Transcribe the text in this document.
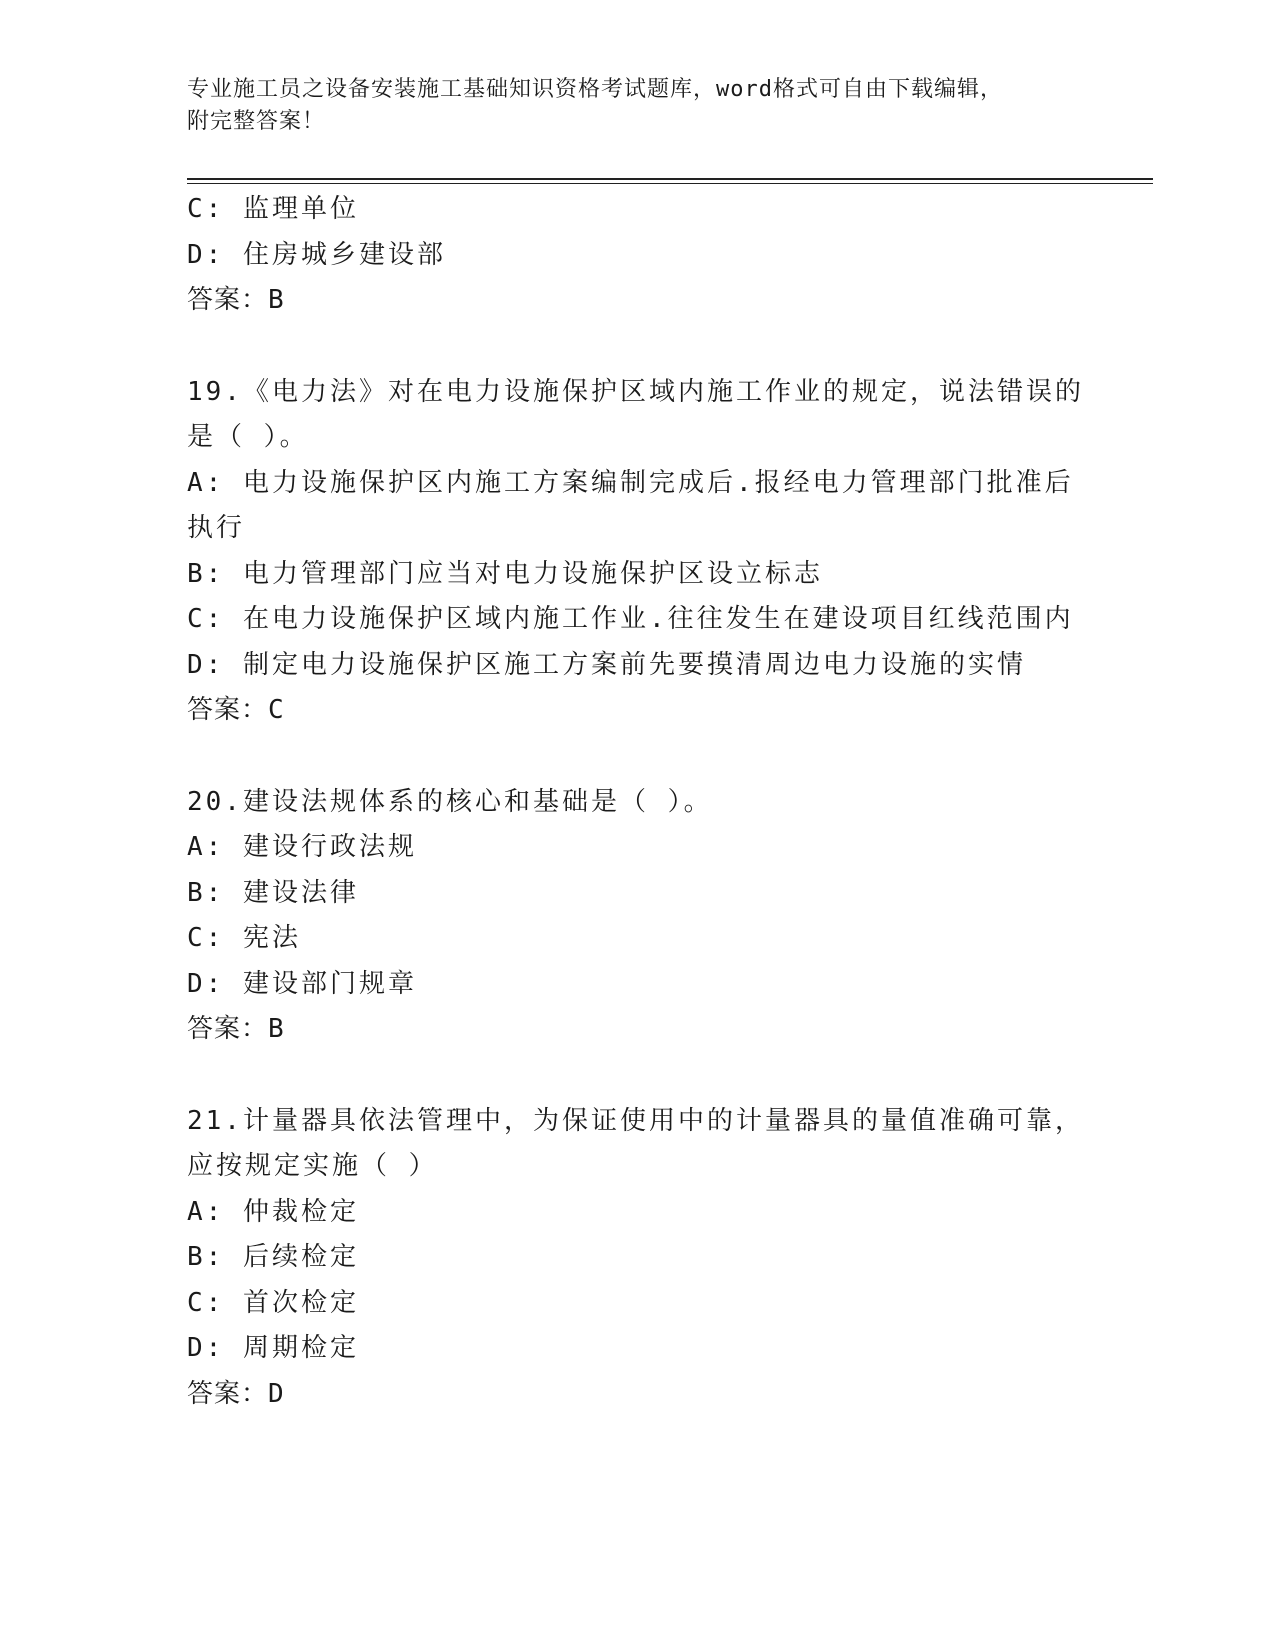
专业施工员之设备安装施工基础知识资格考试题库，word格式可自由下载编辑，
附完整答案！
C: 监理单位
D: 住房城乡建设部
答案：B
19.《电力法》对在电力设施保护区域内施工作业的规定，说法错误的
是（ ）。
A: 电力设施保护区内施工方案编制完成后.报经电力管理部门批准后
执行
B: 电力管理部门应当对电力设施保护区设立标志
C: 在电力设施保护区域内施工作业.往往发生在建设项目红线范围内
D: 制定电力设施保护区施工方案前先要摸清周边电力设施的实情
答案：C
20.建设法规体系的核心和基础是（ ）。
A: 建设行政法规
B: 建设法律
C: 宪法
D: 建设部门规章
答案：B
21.计量器具依法管理中，为保证使用中的计量器具的量值准确可靠，
应按规定实施（ ）
A: 仲裁检定
B: 后续检定
C: 首次检定
D: 周期检定
答案：D
